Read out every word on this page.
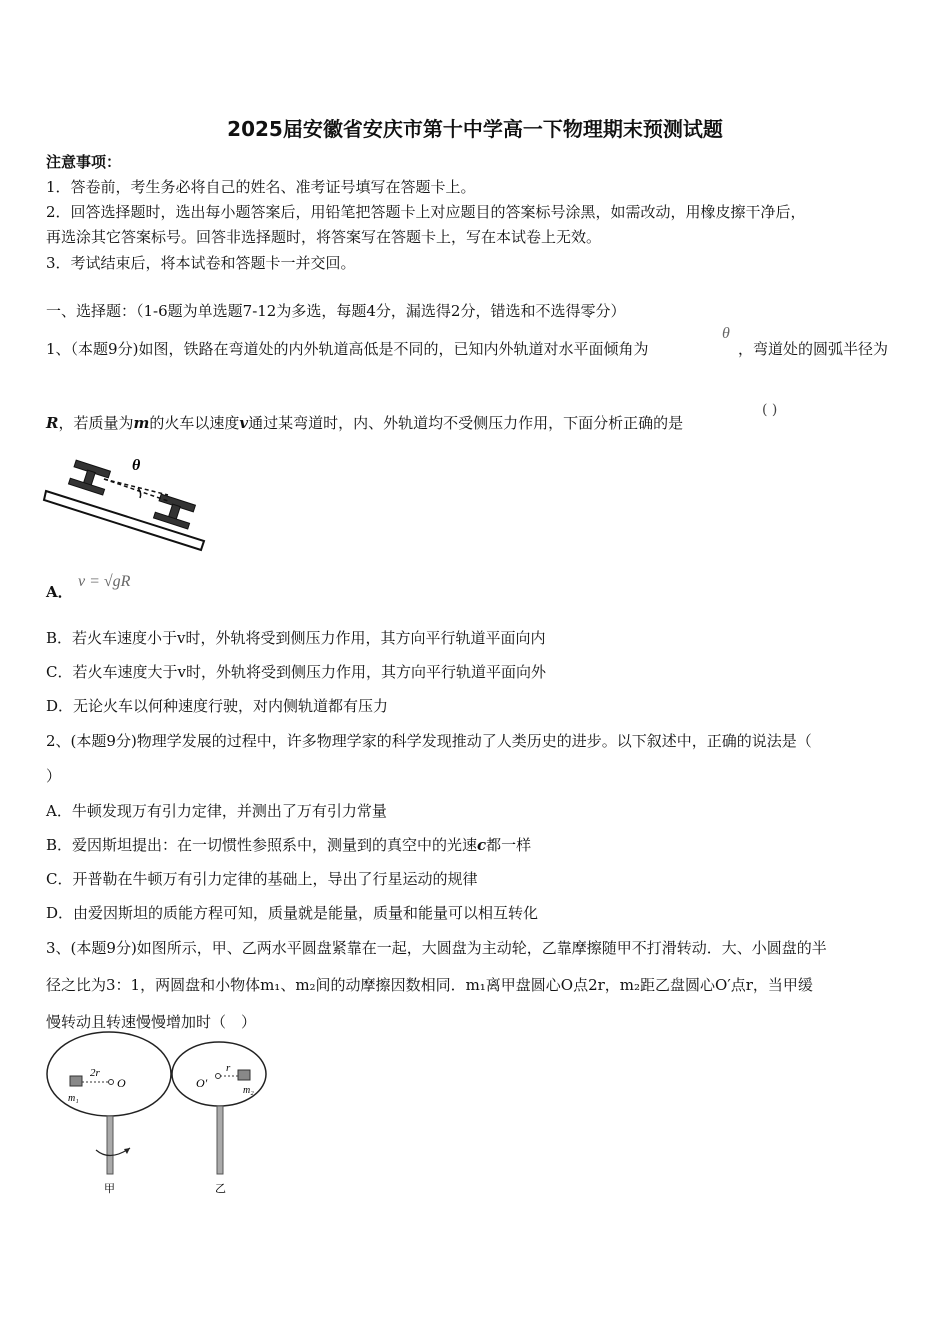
2025届安徽省安庆市第十中学高一下物理期末预测试题
注意事项：
1．答卷前，考生务必将自己的姓名、准考证号填写在答题卡上。
2．回答选择题时，选出每小题答案后，用铅笔把答题卡上对应题目的答案标号涂黑，如需改动，用橡皮擦干净后，
再选涂其它答案标号。回答非选择题时，将答案写在答题卡上，写在本试卷上无效。
3．考试结束后，将本试卷和答题卡一并交回。
一、选择题：（1-6题为单选题7-12为多选，每题4分，漏选得2分，错选和不选得零分）
1、（本题9分)如图，铁路在弯道处的内外轨道高低是不同的，已知内外轨道对水平面倾角为
θ
，弯道处的圆弧半径为
R，若质量为m的火车以速度v通过某弯道时，内、外轨道均不受侧压力作用，下面分析正确的是
( )
θ
A．
v = √gR
B．若火车速度小于v时，外轨将受到侧压力作用，其方向平行轨道平面向内
C．若火车速度大于v时，外轨将受到侧压力作用，其方向平行轨道平面向外
D．无论火车以何种速度行驶，对内侧轨道都有压力
2、(本题9分)物理学发展的过程中，许多物理学家的科学发现推动了人类历史的进步。以下叙述中，正确的说法是（
）
A．牛顿发现万有引力定律，并测出了万有引力常量
B．爱因斯坦提出：在一切惯性参照系中，测量到的真空中的光速c都一样
C．开普勒在牛顿万有引力定律的基础上，导出了行星运动的规律
D．由爱因斯坦的质能方程可知，质量就是能量，质量和能量可以相互转化
3、(本题9分)如图所示，甲、乙两水平圆盘紧靠在一起，大圆盘为主动轮，乙靠摩擦随甲不打滑转动．大、小圆盘的半
径之比为3：1，两圆盘和小物体m₁、m₂间的动摩擦因数相同．m₁离甲盘圆心O点2r，m₂距乙盘圆心O′点r，当甲缓
慢转动且转速慢慢增加时（　）
2r
O
m₁
O′
r
m₂
甲	乙
